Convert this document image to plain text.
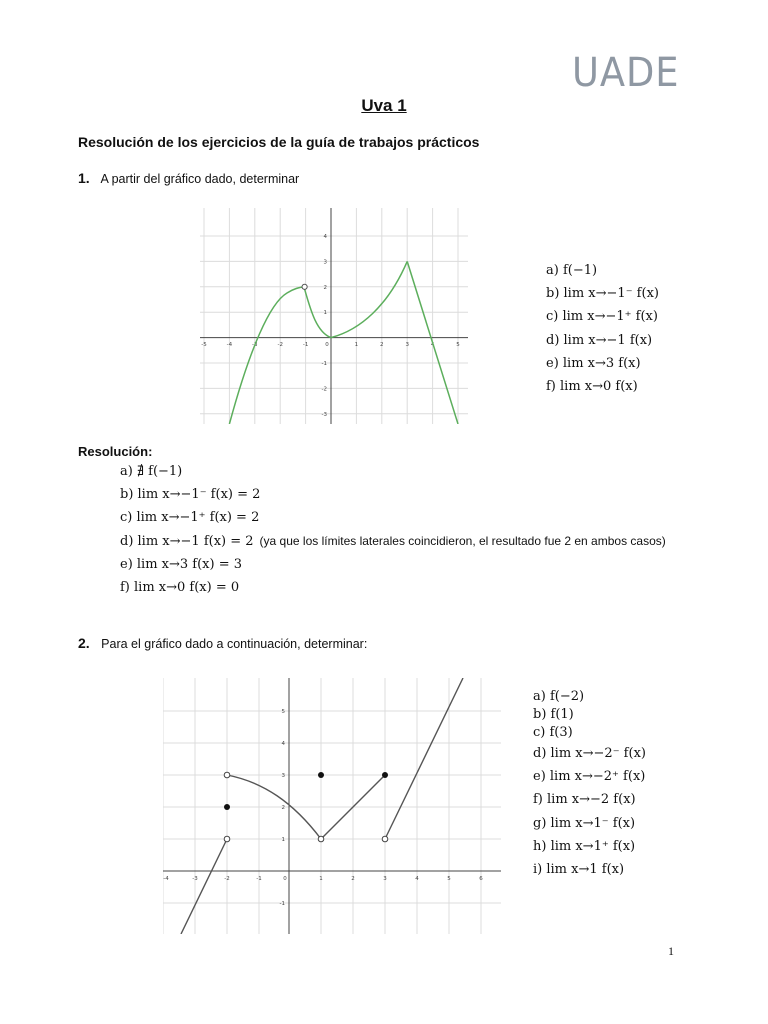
UADE
Uva 1
Resolución de los ejercicios de la guía de trabajos prácticos
1. A partir del gráfico dado, determinar
-5	-4	-3	-2	-1	0	1	2	3	4	5
4
3
2
1
-1
-2
-3
a) f(−1)
b) lim x→−1⁻ f(x)
c) lim x→−1⁺ f(x)
d) lim x→−1 f(x)
e) lim x→3 f(x)
f) lim x→0 f(x)
Resolución:
a) ∄ f(−1)
b) lim x→−1⁻ f(x) = 2
c) lim x→−1⁺ f(x) = 2
d) lim x→−1 f(x) = 2 (ya que los límites laterales coincidieron, el resultado fue 2 en ambos casos)
e) lim x→3 f(x) = 3
f) lim x→0 f(x) = 0
2. Para el gráfico dado a continuación, determinar:
-4	-3	-2	-1	0	1	2	3	4	5	6
5
4
3
2
1
-1
a) f(−2)
b) f(1)
c) f(3)
d) lim x→−2⁻ f(x)
e) lim x→−2⁺ f(x)
f) lim x→−2 f(x)
g) lim x→1⁻ f(x)
h) lim x→1⁺ f(x)
i) lim x→1 f(x)
1
